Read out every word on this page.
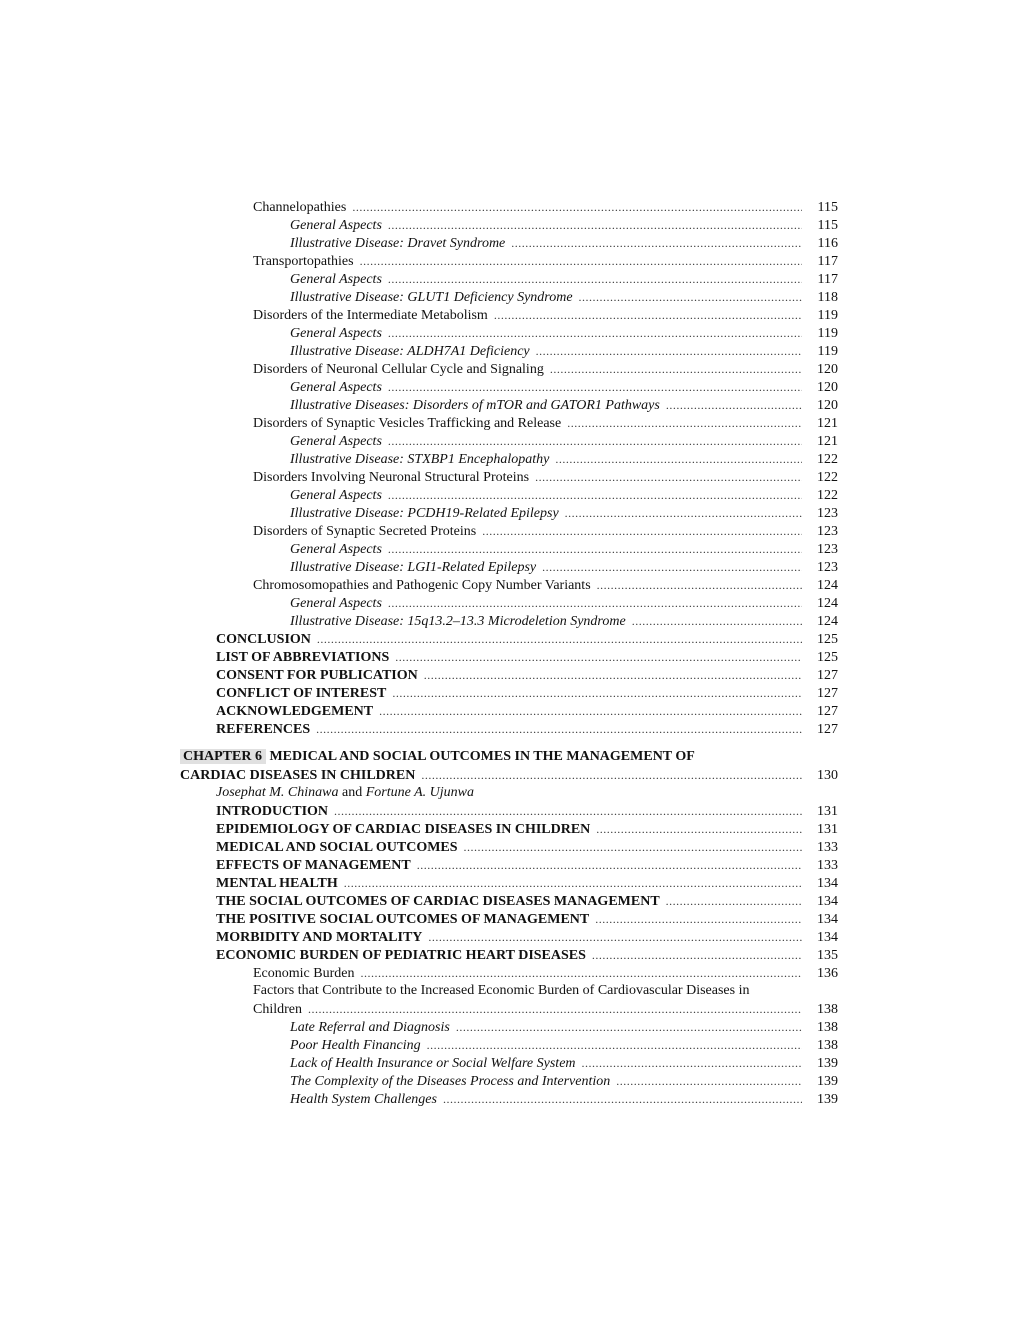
Channelopathies .....	115
General Aspects .....	115
Illustrative Disease: Dravet Syndrome .....	116
Transportopathies .....	117
General Aspects .....	117
Illustrative Disease: GLUT1 Deficiency Syndrome .....	118
Disorders of the Intermediate Metabolism .....	119
General Aspects .....	119
Illustrative Disease: ALDH7A1 Deficiency .....	119
Disorders of Neuronal Cellular Cycle and Signaling .....	120
General Aspects .....	120
Illustrative Diseases: Disorders of mTOR and GATOR1 Pathways .....	120
Disorders of Synaptic Vesicles Trafficking and Release .....	121
General Aspects .....	121
Illustrative Disease: STXBP1 Encephalopathy .....	122
Disorders Involving Neuronal Structural Proteins .....	122
General Aspects .....	122
Illustrative Disease: PCDH19-Related Epilepsy .....	123
Disorders of Synaptic Secreted Proteins .....	123
General Aspects .....	123
Illustrative Disease: LGI1-Related Epilepsy .....	123
Chromosomopathies and Pathogenic Copy Number Variants .....	124
General Aspects .....	124
Illustrative Disease: 15q13.2–13.3 Microdeletion Syndrome .....	124
CONCLUSION .....	125
LIST OF ABBREVIATIONS .....	125
CONSENT FOR PUBLICATION .....	127
CONFLICT OF INTEREST .....	127
ACKNOWLEDGEMENT .....	127
REFERENCES .....	127
CHAPTER 6 MEDICAL AND SOCIAL OUTCOMES IN THE MANAGEMENT OF
CARDIAC DISEASES IN CHILDREN .....	130
Josephat M. Chinawa and Fortune A. Ujunwa
INTRODUCTION .....	131
EPIDEMIOLOGY OF CARDIAC DISEASES IN CHILDREN .....	131
MEDICAL AND SOCIAL OUTCOMES .....	133
EFFECTS OF MANAGEMENT .....	133
MENTAL HEALTH .....	134
THE SOCIAL OUTCOMES OF CARDIAC DISEASES MANAGEMENT .....	134
THE POSITIVE SOCIAL OUTCOMES OF MANAGEMENT .....	134
MORBIDITY AND MORTALITY .....	134
ECONOMIC BURDEN OF PEDIATRIC HEART DISEASES .....	135
Economic Burden .....	136
Factors that Contribute to the Increased Economic Burden of Cardiovascular Diseases in
Children .....	138
Late Referral and Diagnosis .....	138
Poor Health Financing .....	138
Lack of Health Insurance or Social Welfare System .....	139
The Complexity of the Diseases Process and Intervention .....	139
Health System Challenges .....	139
